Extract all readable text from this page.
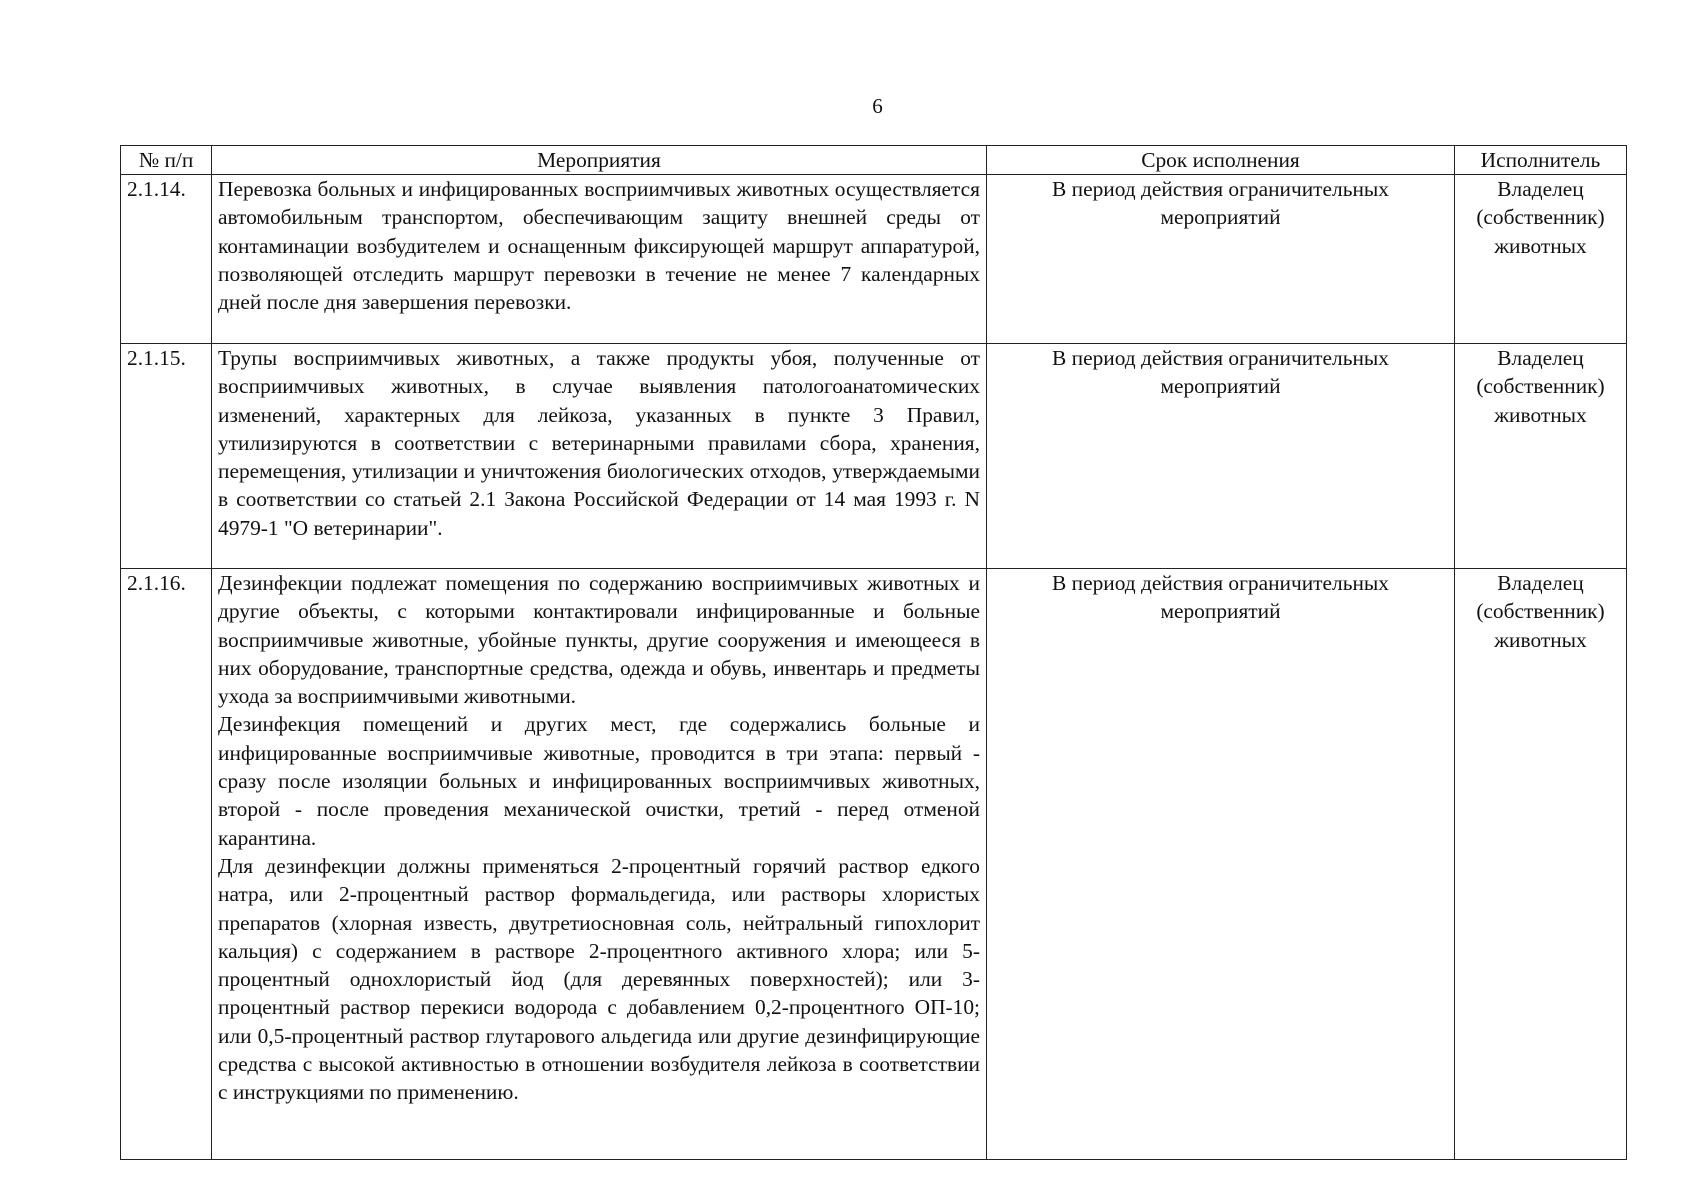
6
№ п/п	Мероприятия	Срок исполнения	Исполнитель
2.1.14.	Перевозка больных и инфицированных восприимчивых животных осуществляется автомобильным транспортом, обеспечивающим защиту внешней среды от контаминации возбудителем и оснащенным фиксирующей маршрут аппаратурой, позволяющей отследить маршрут перевозки в течение не менее 7 календарных дней после дня завершения перевозки.	В период действия ограничительных мероприятий	Владелец (собственник) животных
2.1.15.	Трупы восприимчивых животных, а также продукты убоя, полученные от восприимчивых животных, в случае выявления патологоанатомических изменений, характерных для лейкоза, указанных в пункте 3 Правил, утилизируются в соответствии с ветеринарными правилами сбора, хранения, перемещения, утилизации и уничтожения биологических отходов, утверждаемыми в соответствии со статьей 2.1 Закона Российской Федерации от 14 мая 1993 г. N 4979-1 "О ветеринарии".	В период действия ограничительных мероприятий	Владелец (собственник) животных
2.1.16.	Дезинфекции подлежат помещения по содержанию восприимчивых животных и другие объекты, с которыми контактировали инфицированные и больные восприимчивые животные, убойные пункты, другие сооружения и имеющееся в них оборудование, транспортные средства, одежда и обувь, инвентарь и предметы ухода за восприимчивыми животными.

Дезинфекция помещений и других мест, где содержались больные и инфицированные восприимчивые животные, проводится в три этапа: первый - сразу после изоляции больных и инфицированных восприимчивых животных, второй - после проведения механической очистки, третий - перед отменой карантина.

Для дезинфекции должны применяться 2-процентный горячий раствор едкого натра, или 2-процентный раствор формальдегида, или растворы хлористых препаратов (хлорная известь, двутретиосновная соль, нейтральный гипохлорит кальция) с содержанием в растворе 2-процентного активного хлора; или 5-процентный однохлористый йод (для деревянных поверхностей); или 3-процентный раствор перекиси водорода с добавлением 0,2-процентного ОП-10; или 0,5-процентный раствор глутарового альдегида или другие дезинфицирующие средства с высокой активностью в отношении возбудителя лейкоза в соответствии с инструкциями по применению.	В период действия ограничительных мероприятий	Владелец (собственник) животных
